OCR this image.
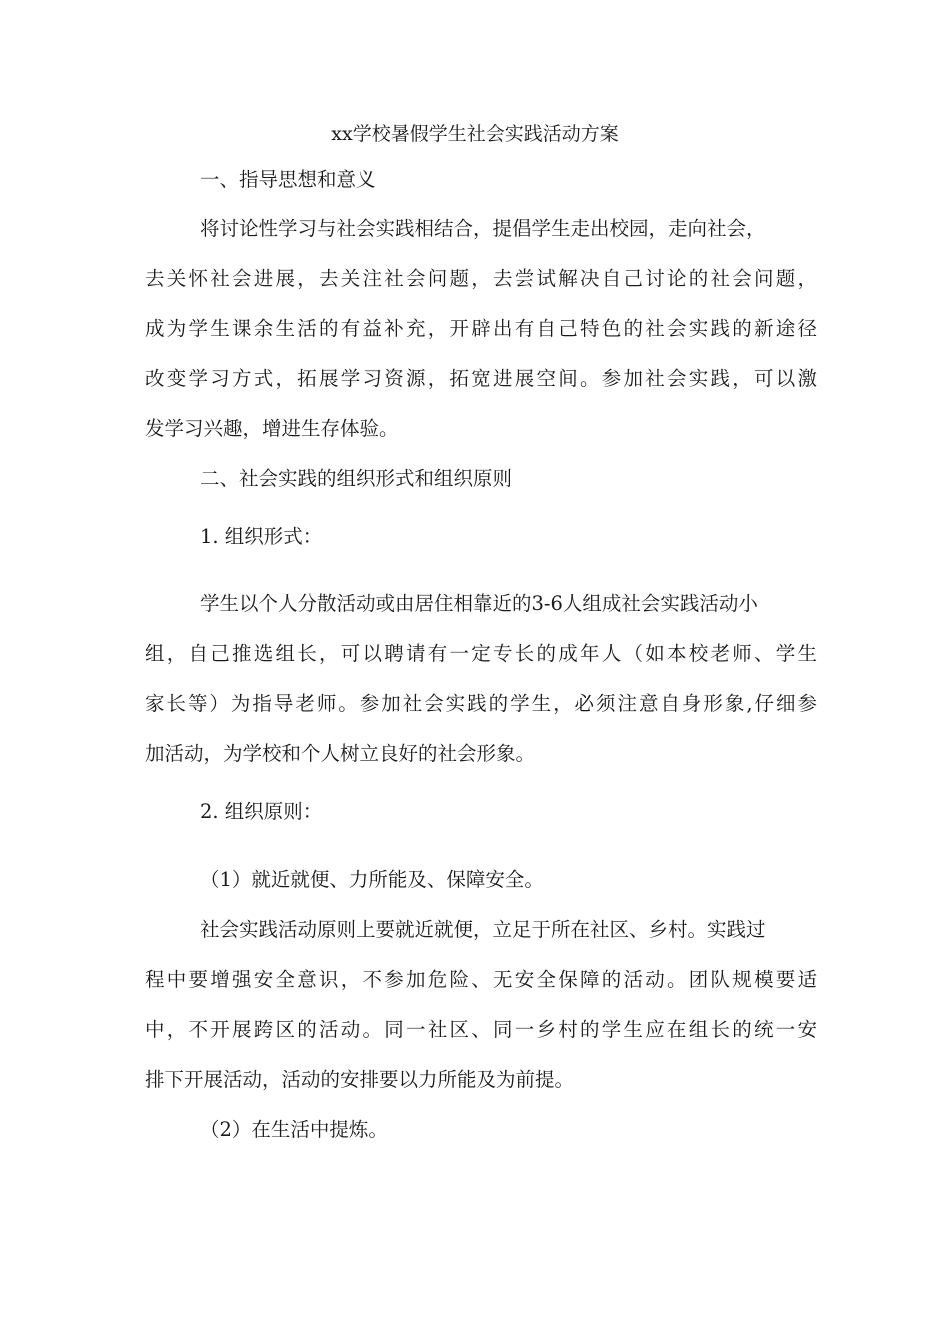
xx学校暑假学生社会实践活动方案

一、指导思想和意义

将讨论性学习与社会实践相结合，提倡学生走出校园，走向社会，

去关怀社会进展，去关注社会问题，去尝试解决自己讨论的社会问题，

成为学生课余生活的有益补充，开辟出有自己特色的社会实践的新途径

改变学习方式，拓展学习资源，拓宽进展空间。参加社会实践，可以激

发学习兴趣，增进生存体验。

二、社会实践的组织形式和组织原则

1. 组织形式：

学生以个人分散活动或由居住相靠近的3-6人组成社会实践活动小

组，自己推选组长，可以聘请有一定专长的成年人（如本校老师、学生

家长等）为指导老师。参加社会实践的学生，必须注意自身形象,仔细参

加活动，为学校和个人树立良好的社会形象。

2. 组织原则：

（1）就近就便、力所能及、保障安全。

社会实践活动原则上要就近就便，立足于所在社区、乡村。实践过

程中要增强安全意识，不参加危险、无安全保障的活动。团队规模要适

中，不开展跨区的活动。同一社区、同一乡村的学生应在组长的统一安

排下开展活动，活动的安排要以力所能及为前提。

（2）在生活中提炼。
